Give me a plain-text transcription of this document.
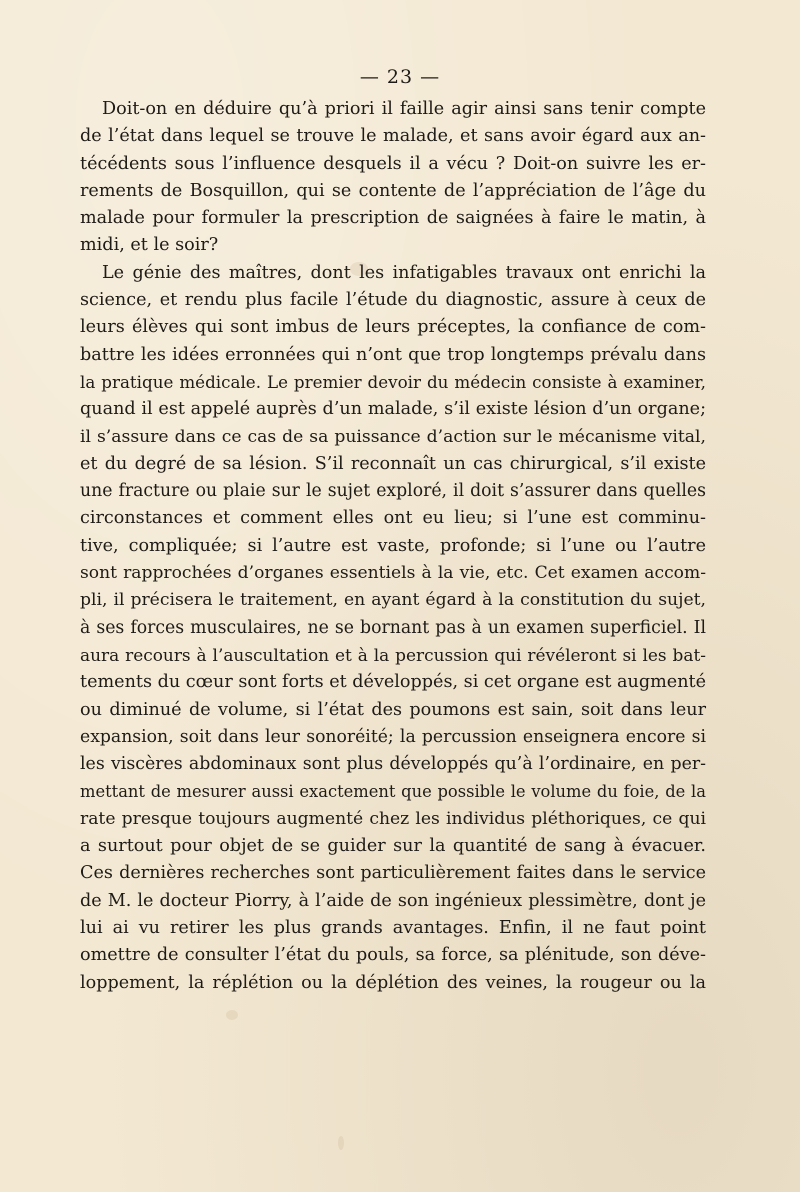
— 23 —
Doit-on en déduire qu’à priori il faille agir ainsi sans tenir compte
de l’état dans lequel se trouve le malade, et sans avoir égard aux an-
técédents sous l’influence desquels il a vécu ? Doit-on suivre les er-
rements de Bosquillon, qui se contente de l’appréciation de l’âge du
malade pour formuler la prescription de saignées à faire le matin, à
midi, et le soir?
Le génie des maîtres, dont les infatigables travaux ont enrichi la
science, et rendu plus facile l’étude du diagnostic, assure à ceux de
leurs élèves qui sont imbus de leurs préceptes, la confiance de com-
battre les idées erronnées qui n’ont que trop longtemps prévalu dans
la pratique médicale. Le premier devoir du médecin consiste à examiner,
quand il est appelé auprès d’un malade, s’il existe lésion d’un organe;
il s’assure dans ce cas de sa puissance d’action sur le mécanisme vital,
et du degré de sa lésion. S’il reconnaît un cas chirurgical, s’il existe
une fracture ou plaie sur le sujet exploré, il doit s’assurer dans quelles
circonstances et comment elles ont eu lieu; si l’une est comminu-
tive, compliquée; si l’autre est vaste, profonde; si l’une ou l’autre
sont rapprochées d’organes essentiels à la vie, etc. Cet examen accom-
pli, il précisera le traitement, en ayant égard à la constitution du sujet,
à ses forces musculaires, ne se bornant pas à un examen superficiel. Il
aura recours à l’auscultation et à la percussion qui révéleront si les bat-
tements du cœur sont forts et développés, si cet organe est augmenté
ou diminué de volume, si l’état des poumons est sain, soit dans leur
expansion, soit dans leur sonoréité; la percussion enseignera encore si
les viscères abdominaux sont plus développés qu’à l’ordinaire, en per-
mettant de mesurer aussi exactement que possible le volume du foie, de la
rate presque toujours augmenté chez les individus pléthoriques, ce qui
a surtout pour objet de se guider sur la quantité de sang à évacuer.
Ces dernières recherches sont particulièrement faites dans le service
de M. le docteur Piorry, à l’aide de son ingénieux plessimètre, dont je
lui ai vu retirer les plus grands avantages. Enfin, il ne faut point
omettre de consulter l’état du pouls, sa force, sa plénitude, son déve-
loppement, la réplétion ou la déplétion des veines, la rougeur ou la
